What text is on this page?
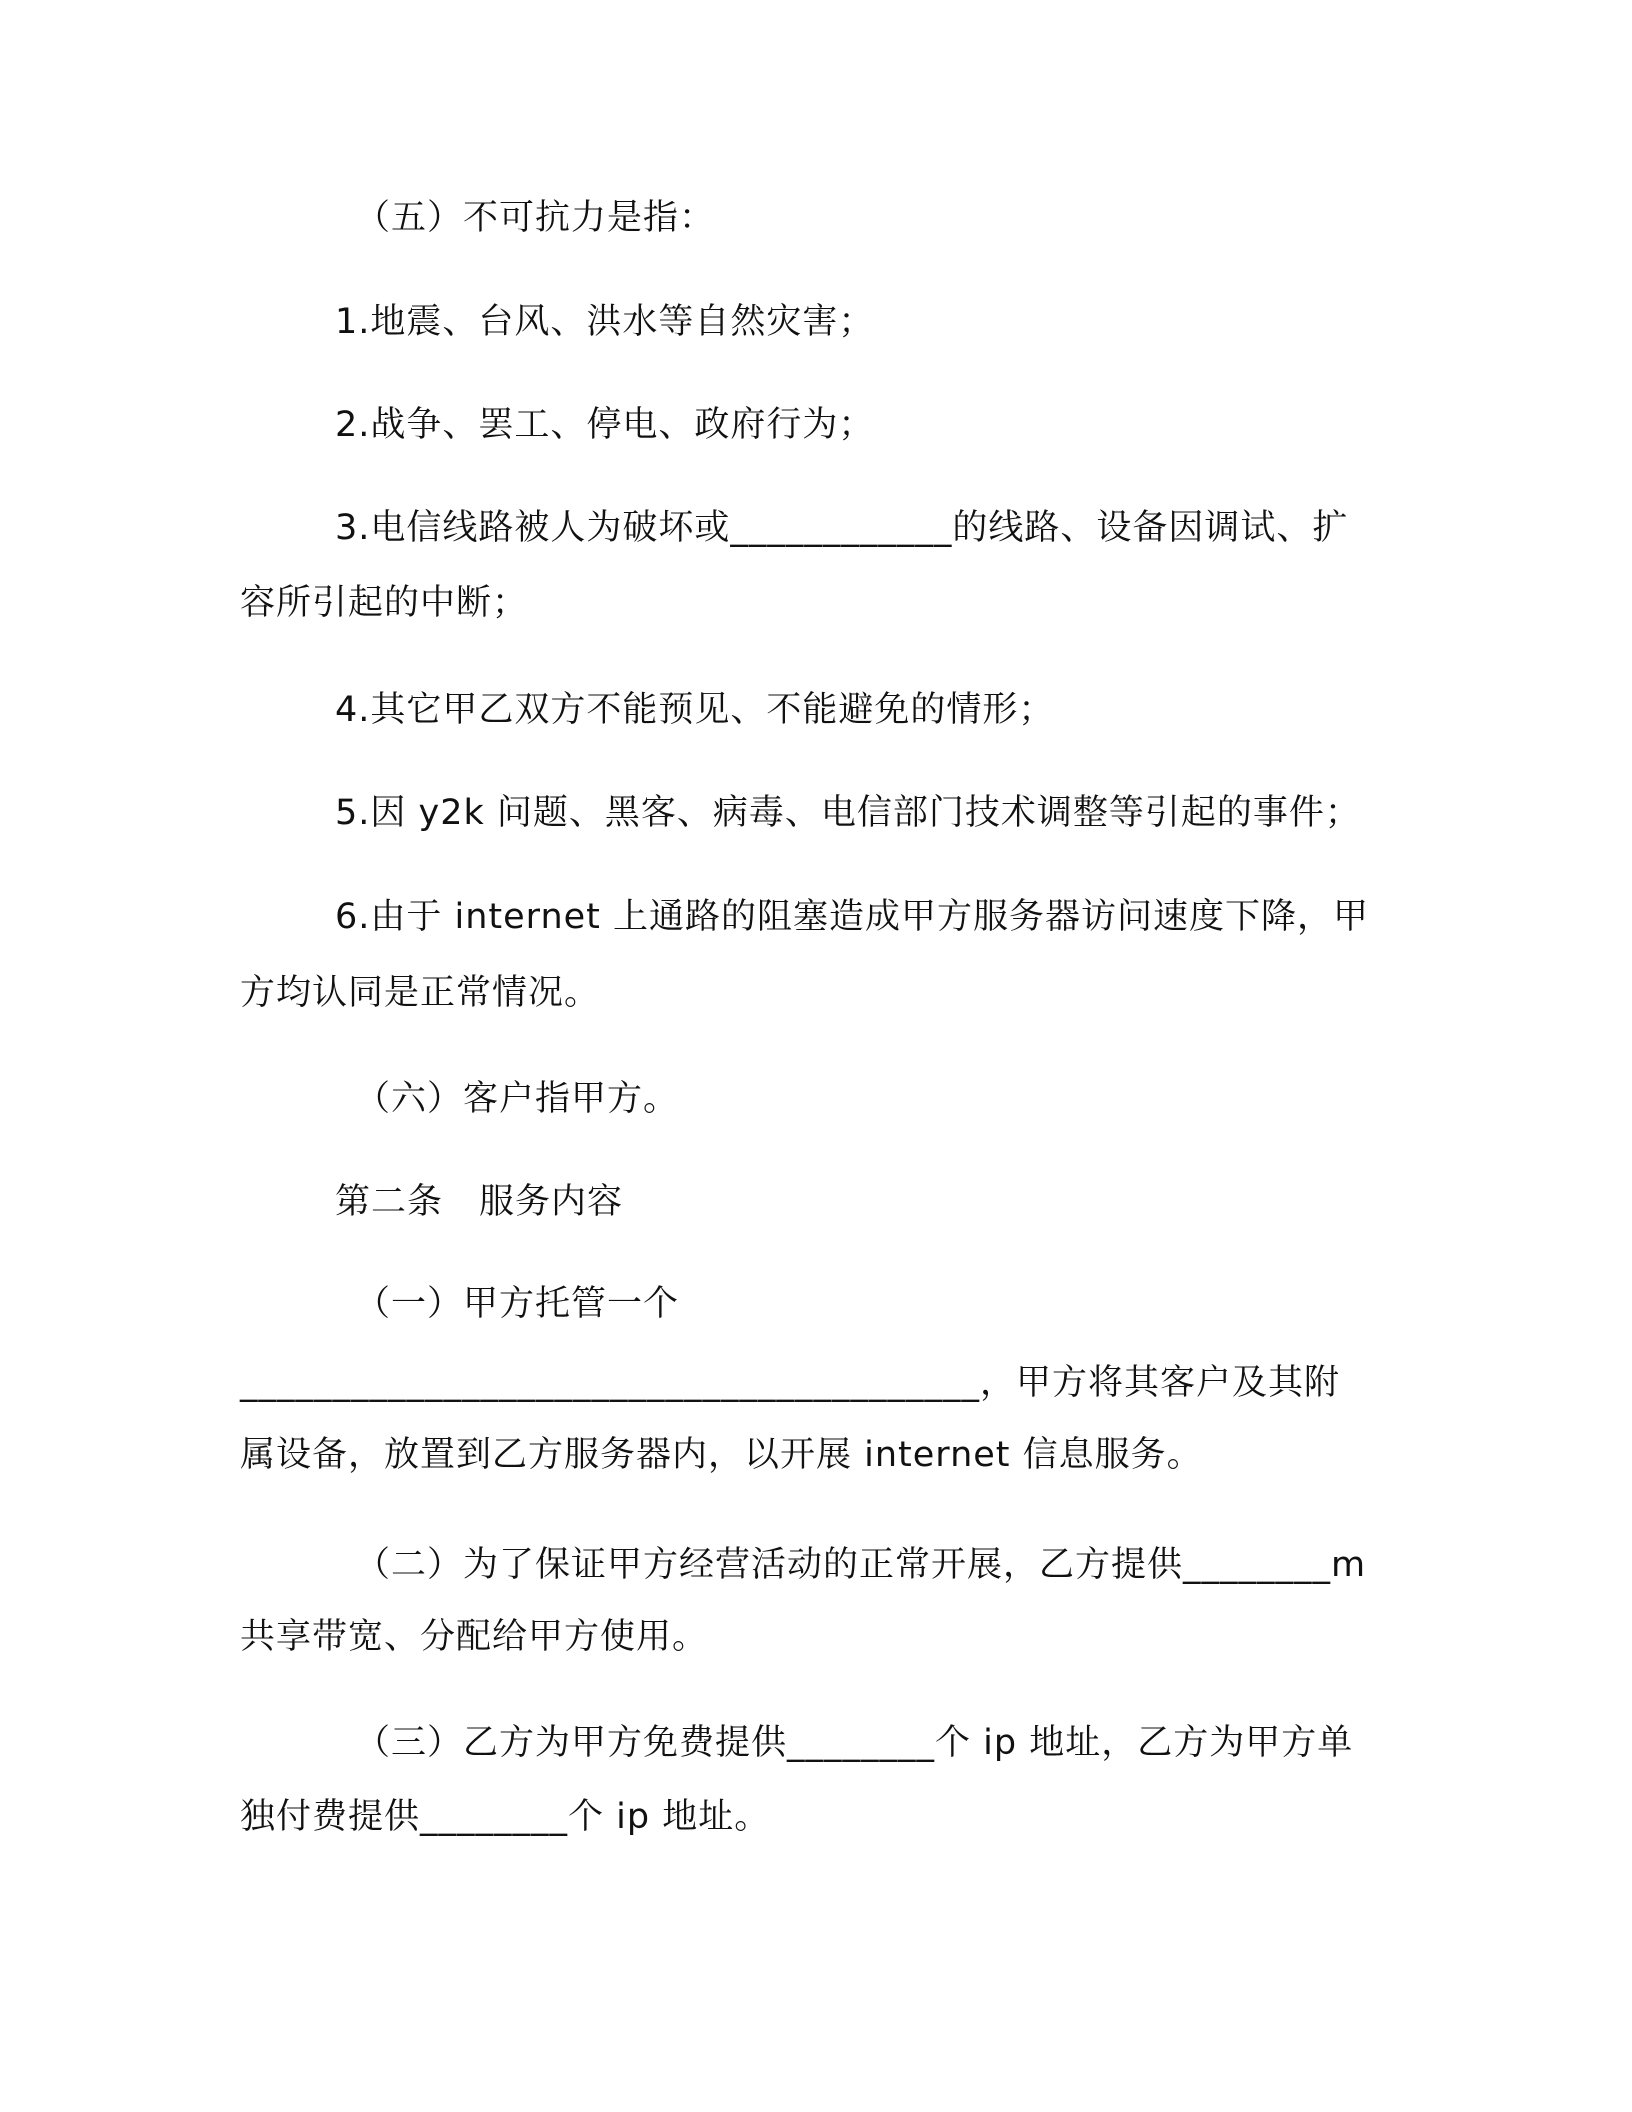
（五）不可抗力是指：
1.地震、台风、洪水等自然灾害；
2.战争、罢工、停电、政府行为；
3.电信线路被人为破坏或____________的线路、设备因调试、扩
容所引起的中断；
4.其它甲乙双方不能预见、不能避免的情形；
5.因 y2k 问题、黑客、病毒、电信部门技术调整等引起的事件；
6.由于 internet 上通路的阻塞造成甲方服务器访问速度下降，甲
方均认同是正常情况。
（六）客户指甲方。
第二条　服务内容
（一）甲方托管一个
________________________________________，甲方将其客户及其附
属设备，放置到乙方服务器内，以开展 internet 信息服务。
（二）为了保证甲方经营活动的正常开展，乙方提供________m
共享带宽、分配给甲方使用。
（三）乙方为甲方免费提供________个 ip 地址，乙方为甲方单
独付费提供________个 ip 地址。
